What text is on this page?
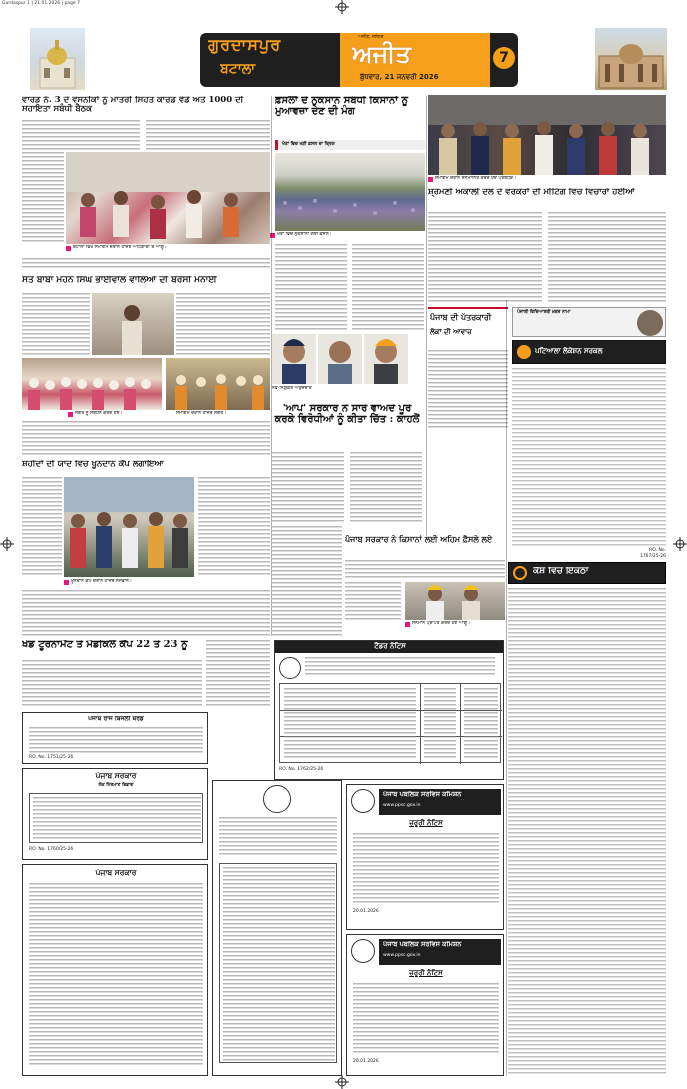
Gurdaspur 1 | 21.01.2026 | page 7
ਗੁਰਦਾਸਪੁਰ
ਬਟਾਲਾ
ਅਜੀਤ, ਜਲੰਧਰ
ਅਜੀਤ
ਬੁੱਧਵਾਰ, 21 ਜਨਵਰੀ 2026
7
ਵਾਰਡ ਨੰ. 3 ਦੇ ਵਸਨੀਕਾਂ ਨੂੰ ਮਾਤਰੀ ਸਿਹਤ ਕਾਰਡ ਵੰਡੇ ਅਤੇ 1000 ਦੀ ਸਹਾਇਤਾ ਸਬੰਧੀ ਬੈਠਕ
ਬਟਾਲਾ ਵਿਖੇ ਸਮਾਗਮ ਦੌਰਾਨ ਹਾਜ਼ਰ ਅਧਿਕਾਰੀ ਤੇ ਆਗੂ।
ਫ਼ਸਲਾਂ ਦੇ ਨੁਕਸਾਨ ਸਬੰਧੀ ਕਿਸਾਨਾਂ ਨੂੰ ਮੁਆਵਜ਼ਾ ਦੇਣ ਦੀ ਮੰਗ
ਖੇਤਾਂ ਵਿਚ ਖੜੀ ਫ਼ਸਲ ਦਾ ਦ੍ਰਿਸ਼
ਖੇਤਾਂ ਵਿਚ ਨੁਕਸਾਨੀ ਗਈ ਫ਼ਸਲ।
ਸਮਾਗਮ ਦੌਰਾਨ ਸਨਮਾਨਿਤ ਕਰਦੇ ਹੋਏ ਪ੍ਰਬੰਧਕ।
ਸ਼੍ਰੋਮਣੀ ਅਕਾਲੀ ਦਲ ਦੇ ਵਰਕਰਾਂ ਦੀ ਮੀਟਿੰਗ ਵਿਚ ਵਿਚਾਰਾਂ ਹੋਈਆਂ
ਸੰਤ ਬਾਬਾ ਮੋਹਨ ਸਿੰਘ ਭਾਈਵਾਲ ਵਾਲਿਆਂ ਦੀ ਬਰਸੀ ਮਨਾਈ
ਸੰਗਤ ਨੂੰ ਸੰਬੋਧਨ ਕਰਦੇ ਹੋਏ।	ਸਮਾਗਮ ਦੌਰਾਨ ਹਾਜ਼ਰ ਸੰਗਤ।
ਨਵ-ਨਿਯੁਕਤ ਅਹੁਦੇਦਾਰ
'ਆਪ' ਸਰਕਾਰ ਨੇ ਸਾਰੇ ਵਾਅਦੇ ਪੂਰੇ ਕਰਕੇ ਵਿਰੋਧੀਆਂ ਨੂੰ ਕੀਤਾ ਚਿੱਤ : ਕਾਹਲੋਂ
ਪੰਜਾਬ ਦੀ ਪੱਤਰਕਾਰੀ
ਲੋਕਾਂ ਦੀ ਆਵਾਜ਼
ਪੰਜਾਬੀ ਵਿਦਿਆਰਥੀ ਖ਼ਬਰ ਨਾਮਾ
ਪਟਿਆਲਾ ਲੋਕੇਸ਼ਨ ਸਰਕਲ
RO. No. 1767/25-26
ਸ਼ਹੀਦਾਂ ਦੀ ਯਾਦ ਵਿਚ ਖੂਨਦਾਨ ਕੈਂਪ ਲਗਾਇਆ
ਖੂਨਦਾਨ ਕੈਂਪ ਦੌਰਾਨ ਹਾਜ਼ਰ ਨੌਜਵਾਨ।
ਪੰਜਾਬ ਸਰਕਾਰ ਨੇ ਕਿਸਾਨਾਂ ਲਈ ਅਹਿਮ ਫ਼ੈਸਲੇ ਲਏ
ਸਨਮਾਨ ਪ੍ਰਾਪਤ ਕਰਦੇ ਹੋਏ ਆਗੂ।
ਕੈਸ਼ ਵਿਚ ਇੱਕਠਾ
ਖੇਡ ਟੂਰਨਾਮੈਂਟ ਤੇ ਮੈਡੀਕਲ ਕੈਂਪ 22 ਤੇ 23 ਨੂੰ	ਟੈਂਡਰ ਨੋਟਿਸ
RO. No. 1762/25-26
ਪੰਜਾਬ ਰਾਜ ਬਿਜਲੀ ਬੋਰਡ
RO. No. 1751/25-26
ਪੰਜਾਬ ਸਰਕਾਰ
ਲੋਕ ਨਿਰਮਾਣ ਵਿਭਾਗ
RO. No. 1760/25-26
ਪੰਜਾਬ ਸਰਕਾਰ
ਪੰਜਾਬ ਪਬਲਿਕ ਸਰਵਿਸ ਕਮਿਸ਼ਨ
www.ppsc.gov.in
ਜ਼ਰੂਰੀ ਨੋਟਿਸ
20.01.2026
ਪੰਜਾਬ ਪਬਲਿਕ ਸਰਵਿਸ ਕਮਿਸ਼ਨ
www.ppsc.gov.in
ਜ਼ਰੂਰੀ ਨੋਟਿਸ
20.01.2026
